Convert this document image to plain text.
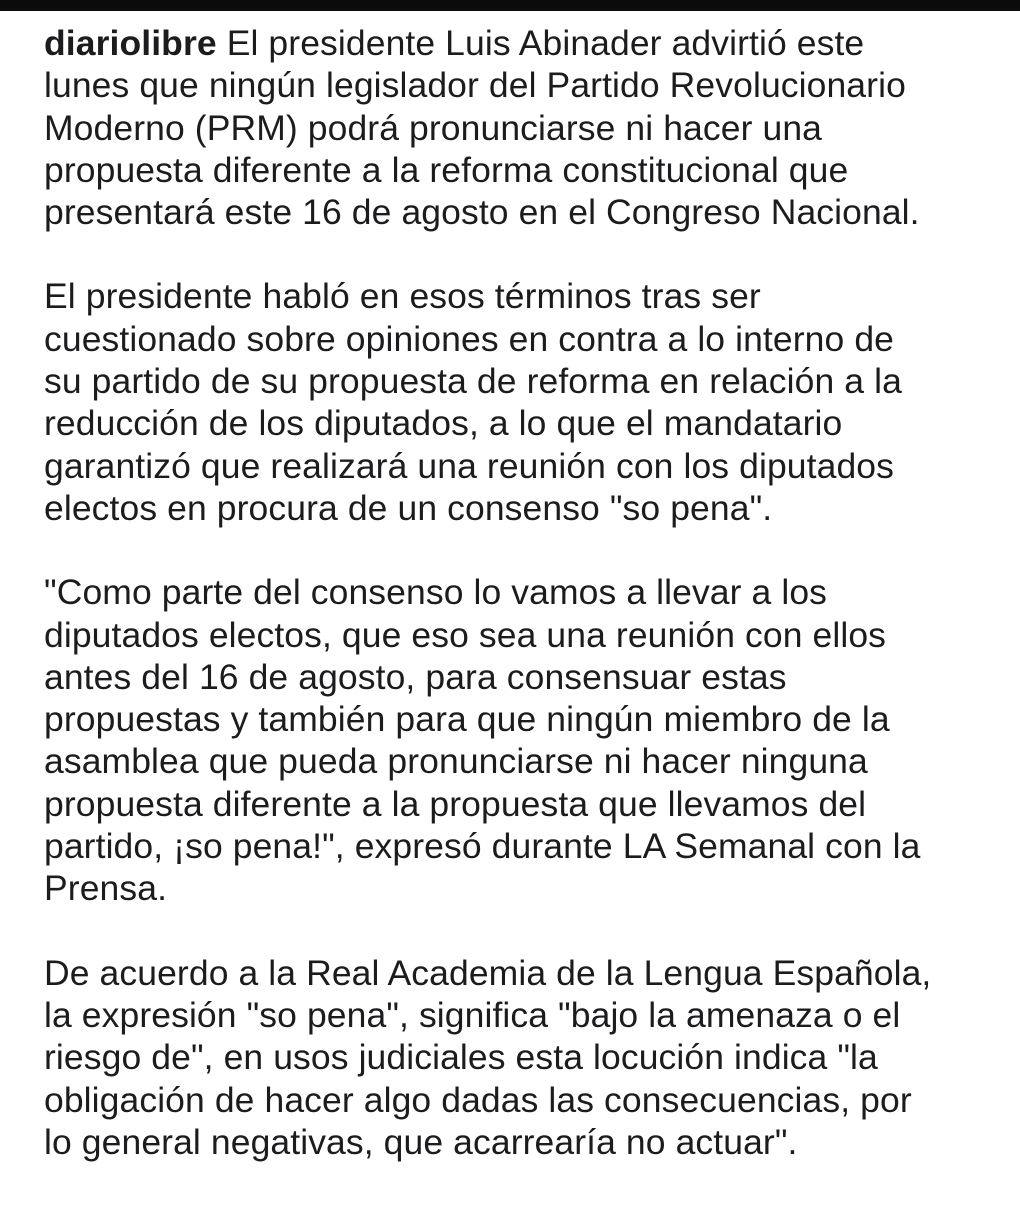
diariolibre El presidente Luis Abinader advirtió este
lunes que ningún legislador del Partido Revolucionario
Moderno (PRM) podrá pronunciarse ni hacer una
propuesta diferente a la reforma constitucional que
presentará este 16 de agosto en el Congreso Nacional.

El presidente habló en esos términos tras ser
cuestionado sobre opiniones en contra a lo interno de
su partido de su propuesta de reforma en relación a la
reducción de los diputados, a lo que el mandatario
garantizó que realizará una reunión con los diputados
electos en procura de un consenso "so pena".

"Como parte del consenso lo vamos a llevar a los
diputados electos, que eso sea una reunión con ellos
antes del 16 de agosto, para consensuar estas
propuestas y también para que ningún miembro de la
asamblea que pueda pronunciarse ni hacer ninguna
propuesta diferente a la propuesta que llevamos del
partido, ¡so pena!", expresó durante LA Semanal con la
Prensa.

De acuerdo a la Real Academia de la Lengua Española,
la expresión "so pena", significa "bajo la amenaza o el
riesgo de", en usos judiciales esta locución indica "la
obligación de hacer algo dadas las consecuencias, por
lo general negativas, que acarrearía no actuar".
